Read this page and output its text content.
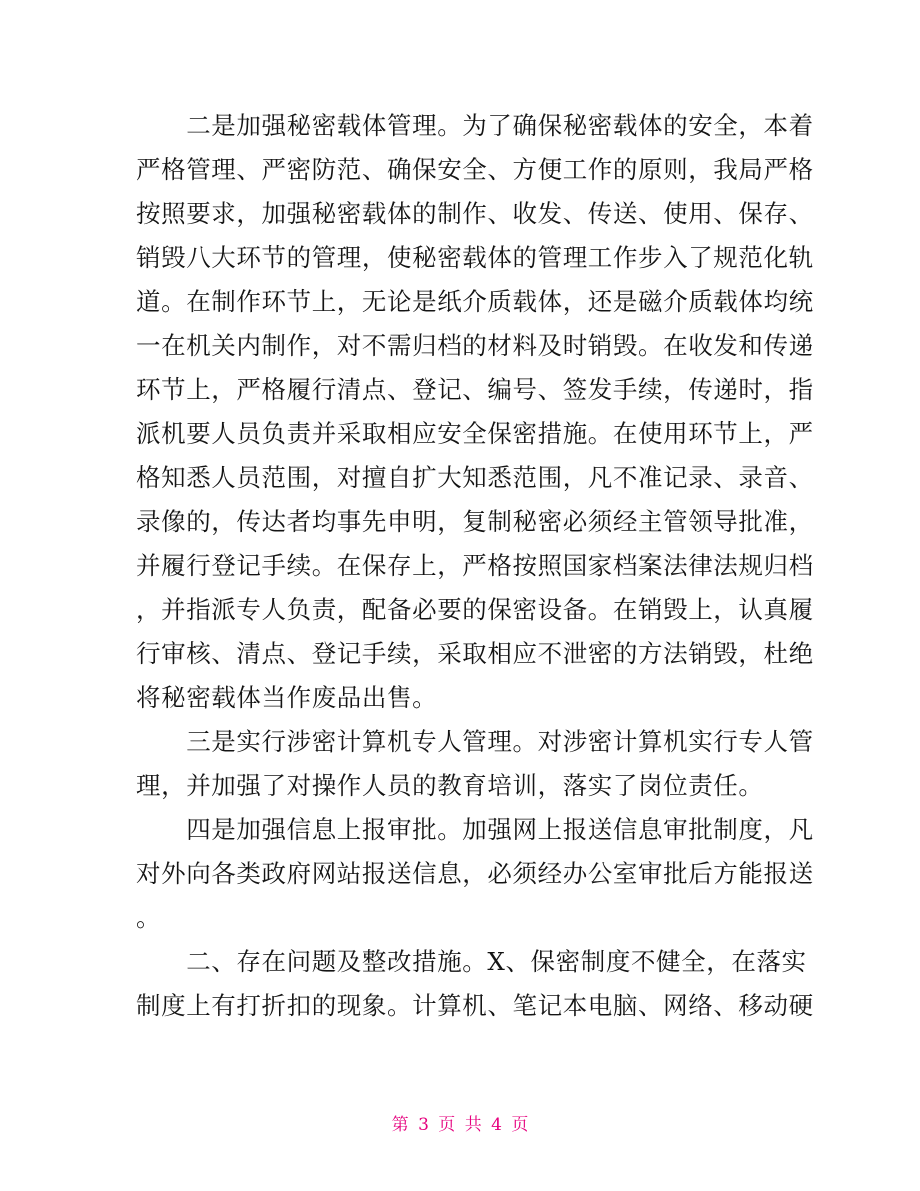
　　二是加强秘密载体管理。为了确保秘密载体的安全，本着
严格管理、严密防范、确保安全、方便工作的原则，我局严格
按照要求，加强秘密载体的制作、收发、传送、使用、保存、
销毁八大环节的管理，使秘密载体的管理工作步入了规范化轨
道。在制作环节上，无论是纸介质载体，还是磁介质载体均统
一在机关内制作，对不需归档的材料及时销毁。在收发和传递
环节上，严格履行清点、登记、编号、签发手续，传递时，指
派机要人员负责并采取相应安全保密措施。在使用环节上，严
格知悉人员范围，对擅自扩大知悉范围，凡不准记录、录音、
录像的，传达者均事先申明，复制秘密必须经主管领导批准，
并履行登记手续。在保存上，严格按照国家档案法律法规归档
，并指派专人负责，配备必要的保密设备。在销毁上，认真履
行审核、清点、登记手续，采取相应不泄密的方法销毁，杜绝
将秘密载体当作废品出售。
　　三是实行涉密计算机专人管理。对涉密计算机实行专人管
理，并加强了对操作人员的教育培训，落实了岗位责任。
　　四是加强信息上报审批。加强网上报送信息审批制度，凡
对外向各类政府网站报送信息，必须经办公室审批后方能报送
。
　　二、存在问题及整改措施。X、保密制度不健全，在落实
制度上有打折扣的现象。计算机、笔记本电脑、网络、移动硬
第 3 页 共 4 页
